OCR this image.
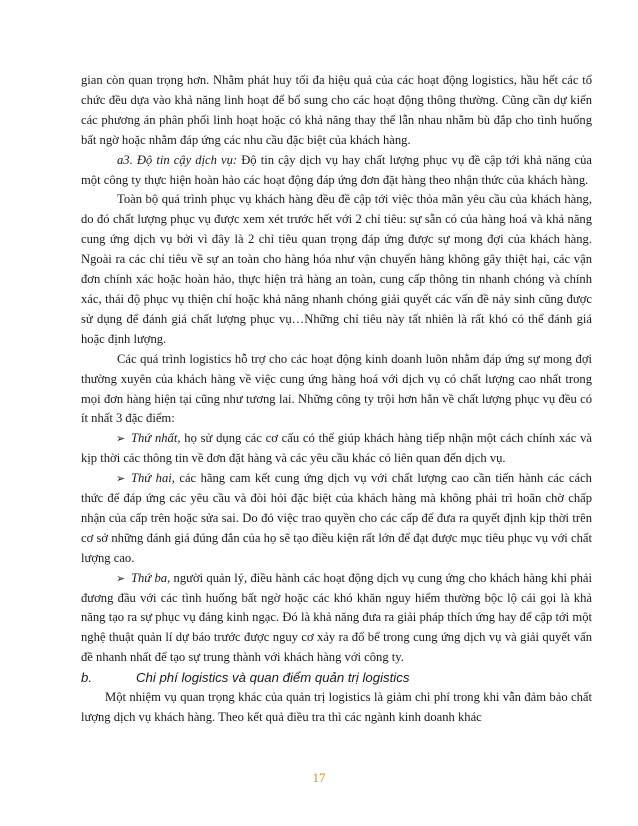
gian còn quan trọng hơn. Nhằm phát huy tối đa hiệu quả của các hoạt động logistics, hầu hết các tổ chức đều dựa vào khả năng linh hoạt để bổ sung cho các hoạt động thông thường. Cũng cần dự kiến các phương án phân phối linh hoạt hoặc có khả năng thay thế lẫn nhau nhằm bù đắp cho tình huống bất ngờ hoặc nhằm đáp ứng các nhu cầu đặc biệt của khách hàng.

a3. Độ tin cậy dịch vụ: Độ tin cậy dịch vụ hay chất lượng phục vụ đề cập tới khả năng của một công ty thực hiện hoàn hảo các hoạt động đáp ứng đơn đặt hàng theo nhận thức của khách hàng.

Toàn bộ quá trình phục vụ khách hàng đều đề cập tới việc thỏa mãn yêu cầu của khách hàng, do đó chất lượng phục vụ được xem xét trước hết với 2 chỉ tiêu: sự sẵn có của hàng hoá và khả năng cung ứng dịch vụ bởi vì đây là 2 chỉ tiêu quan trọng đáp ứng được sự mong đợi của khách hàng. Ngoài ra các chỉ tiêu về sự an toàn cho hàng hóa như vận chuyển hàng không gây thiệt hại, các vận đơn chính xác hoặc hoàn hảo, thực hiện trả hàng an toàn, cung cấp thông tin nhanh chóng và chính xác, thái độ phục vụ thiện chí hoặc khả năng nhanh chóng giải quyết các vấn đề nảy sinh cũng được sử dụng để đánh giá chất lượng phục vụ…Những chỉ tiêu này tất nhiên là rất khó có thể đánh giá hoặc định lượng.

Các quá trình logistics hỗ trợ cho các hoạt động kinh doanh luôn nhằm đáp ứng sự mong đợi thường xuyên của khách hàng về việc cung ứng hàng hoá với dịch vụ có chất lượng cao nhất trong mọi đơn hàng hiện tại cũng như tương lai. Những công ty trội hơn hẳn về chất lượng phục vụ đều có ít nhất 3 đặc điểm:

➢ Thứ nhất, họ sử dụng các cơ cấu có thể giúp khách hàng tiếp nhận một cách chính xác và kịp thời các thông tin về đơn đặt hàng và các yêu cầu khác có liên quan đến dịch vụ.

➢ Thứ hai, các hãng cam kết cung ứng dịch vụ với chất lượng cao cần tiến hành các cách thức để đáp ứng các yêu cầu và đòi hỏi đặc biệt của khách hàng mà không phải trì hoãn chờ chấp nhận của cấp trên hoặc sửa sai. Do đó việc trao quyền cho các cấp để đưa ra quyết định kịp thời trên cơ sở những đánh giá đúng đắn của họ sẽ tạo điều kiện rất lớn để đạt được mục tiêu phục vụ với chất lượng cao.

➢ Thứ ba, người quản lý, điều hành các hoạt động dịch vụ cung ứng cho khách hàng khi phải đương đầu với các tình huống bất ngờ hoặc các khó khăn nguy hiểm thường bộc lộ cái gọi là khả năng tạo ra sự phục vụ đáng kinh ngạc. Đó là khả năng đưa ra giải pháp thích ứng hay để cập tới một nghệ thuật quản lí dự báo trước được nguy cơ xảy ra đổ bể trong cung ứng dịch vụ và giải quyết vấn đề nhanh nhất để tạo sự trung thành với khách hàng với công ty.

b.	Chi phí logistics và quan điểm quản trị logistics

Một nhiệm vụ quan trọng khác của quản trị logistics là giảm chi phí trong khi vẫn đảm bảo chất lượng dịch vụ khách hàng. Theo kết quả điều tra thì các ngành kinh doanh khác

17
